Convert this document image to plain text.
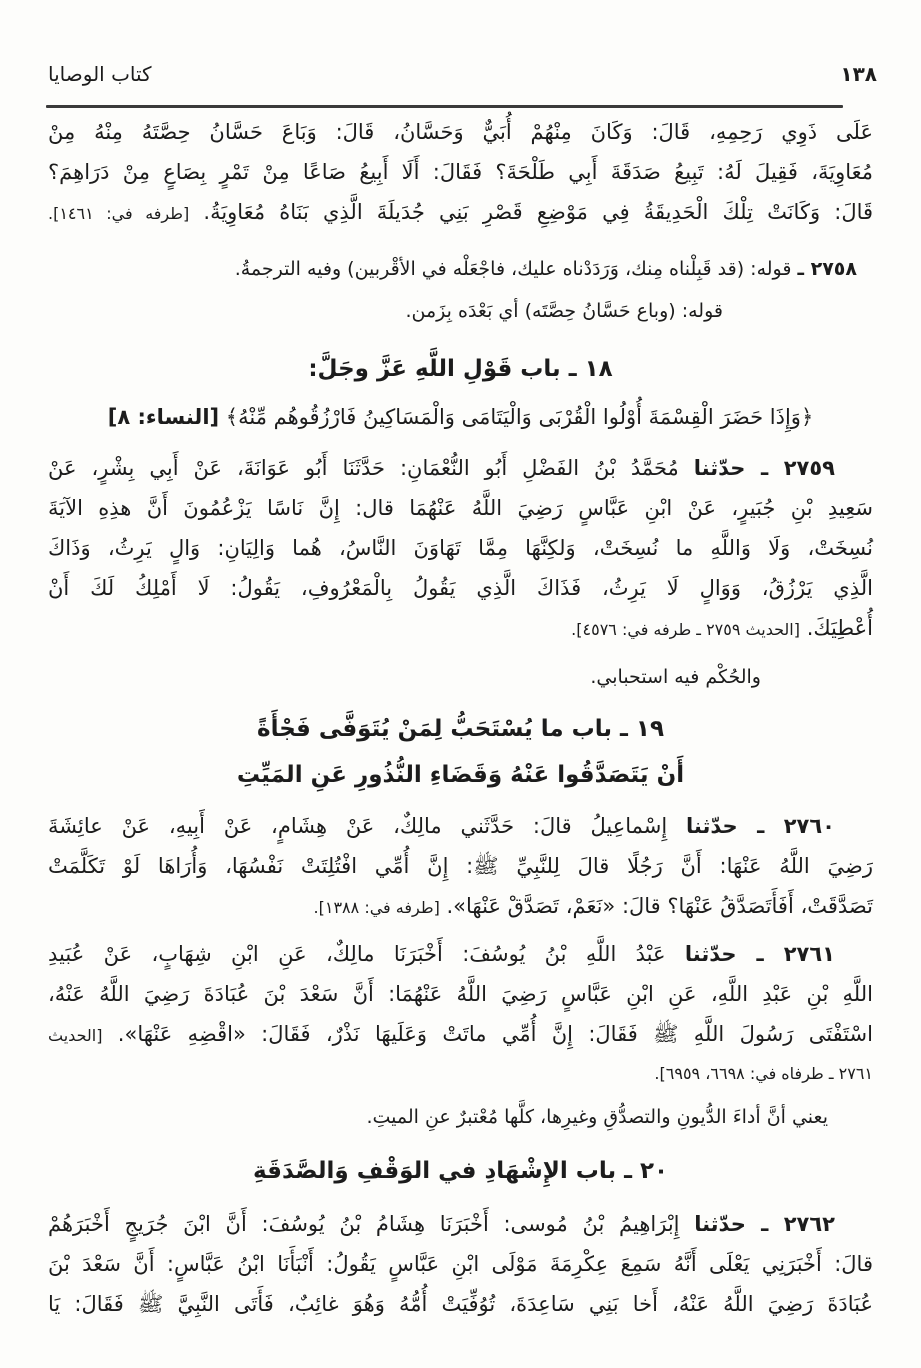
١٣٨
كتاب الوصايا
عَلَى ذَوِي رَحِمِهِ، قَالَ: وَكَانَ مِنْهُمْ أُبَيٌّ وَحَسَّانُ، قَالَ: وَبَاعَ حَسَّانُ حِصَّتَهُ مِنْهُ مِنْ
مُعَاوِيَةَ، فَقِيلَ لَهُ: تَبِيعُ صَدَقَةَ أَبِي طَلْحَةَ؟ فَقَالَ: أَلَا أَبِيعُ صَاعًا مِنْ تَمْرٍ بِصَاعٍ مِنْ دَرَاهِمَ؟
قَالَ: وَكَانَتْ تِلْكَ الْحَدِيقَةُ فِي مَوْضِعِ قَصْرِ بَنِي جُدَيلَةَ الَّذِي بَنَاهُ مُعَاوِيَةُ. [طرفه في: ١٤٦١].
٢٧٥٨ ـ قوله: (قد قَبِلْناه مِنك، وَرَدَدْناه عليك، فاجْعَلْه في الأقْربين) وفيه الترجمةُ.
قوله: (وباع حَسَّانُ حِصَّتَه) أي بَعْدَه بِزَمن.
١٨ ـ باب قَوْلِ اللَّهِ عَزَّ وجَلَّ:
﴿وَإِذَا حَضَرَ الْقِسْمَةَ أُوْلُوا الْقُرْبَى وَالْيَتَامَى وَالْمَسَاكِينُ فَارْزُقُوهُم مِّنْهُ﴾ [النساء: ٨]
٢٧٥٩ ـ حدّثنا مُحَمَّدُ بْنُ الفَضْلِ أَبُو النُّعْمَانِ: حَدَّثَنَا أَبُو عَوَانَةَ، عَنْ أَبِي بِشْرٍ، عَنْ
سَعِيدِ بْنِ جُبَيرٍ، عَنْ ابْنِ عَبَّاسٍ رَضِيَ اللَّهُ عَنْهُمَا قال: إِنَّ نَاسًا يَزْعُمُونَ أَنَّ هذِهِ الآيَةَ
نُسِخَتْ، وَلَا وَاللَّهِ ما نُسِخَتْ، وَلكِنَّهَا مِمَّا تَهَاوَنَ النَّاسُ، هُما وَالِيَانِ: وَالٍ يَرِثُ، وَذَاكَ
الَّذِي يَرْزُقُ، وَوَالٍ لَا يَرِثُ، فَذَاكَ الَّذِي يَقُولُ بِالْمَعْرُوفِ، يَقُولُ: لَا أَمْلِكُ لَكَ أَنْ
أُعْطِيَكَ. [الحديث ٢٧٥٩ ـ طرفه في: ٤٥٧٦].
والحُكْم فيه استحبابي.
١٩ ـ باب ما يُسْتَحَبُّ لِمَنْ يُتَوَفَّى فَجْأَةً
أَنْ يَتَصَدَّقُوا عَنْهُ وَقَضَاءِ النُّذُورِ عَنِ المَيِّتِ
٢٧٦٠ ـ حدّثنا إِسْماعِيلُ قالَ: حَدَّثَني مالِكٌ، عَنْ هِشَامٍ، عَنْ أَبِيهِ، عَنْ عائِشَةَ
رَضِيَ اللَّهُ عَنْهَا: أَنَّ رَجُلًا قالَ لِلنَّبِيِّ ﷺ: إِنَّ أُمِّي افْتُلِتَتْ نَفْسُهَا، وَأُرَاهَا لَوْ تَكَلَّمَتْ
تَصَدَّقَتْ، أَفَأَتَصَدَّقُ عَنْهَا؟ قالَ: «نَعَمْ، تَصَدَّقْ عَنْهَا». [طرفه في: ١٣٨٨].
٢٧٦١ ـ حدّثنا عَبْدُ اللَّهِ بْنُ يُوسُفَ: أَخْبَرَنَا مالِكٌ، عَنِ ابْنِ شِهَابٍ، عَنْ عُبَيدِ
اللَّهِ بْنِ عَبْدِ اللَّهِ، عَنِ ابْنِ عَبَّاسٍ رَضِيَ اللَّهُ عَنْهُمَا: أَنَّ سَعْدَ بْنَ عُبَادَةَ رَضِيَ اللَّهُ عَنْهُ،
اسْتَفْتَى رَسُولَ اللَّهِ ﷺ فَقَالَ: إِنَّ أُمِّي ماتَتْ وَعَلَيهَا نَذْرٌ، فَقَالَ: «اقْضِهِ عَنْهَا». [الحديث
٢٧٦١ ـ طرفاه في: ٦٦٩٨، ٦٩٥٩].
يعني أنَّ أداءَ الدُّيونِ والتصدُّقِ وغيرِها، كلَّها مُعْتبرٌ عنِ الميتِ.
٢٠ ـ باب الإِشْهَادِ في الوَقْفِ وَالصَّدَقَةِ
٢٧٦٢ ـ حدّثنا إِبْرَاهِيمُ بْنُ مُوسى: أَخْبَرَنَا هِشَامُ بْنُ يُوسُفَ: أَنَّ ابْنَ جُرَيجٍ أَخْبَرَهُمْ
قالَ: أَخْبَرَنِي يَعْلَى أَنَّهُ سَمِعَ عِكْرِمَةَ مَوْلَى ابْنِ عَبَّاسٍ يَقُولُ: أَنْبَأَنَا ابْنُ عَبَّاسٍ: أَنَّ سَعْدَ بْنَ
عُبَادَةَ رَضِيَ اللَّهُ عَنْهُ، أَخا بَنِي سَاعِدَةَ، تُوُفِّيَتْ أُمُّهُ وَهُوَ غائِبٌ، فَأَتَى النَّبِيَّ ﷺ فَقَالَ: يَا
